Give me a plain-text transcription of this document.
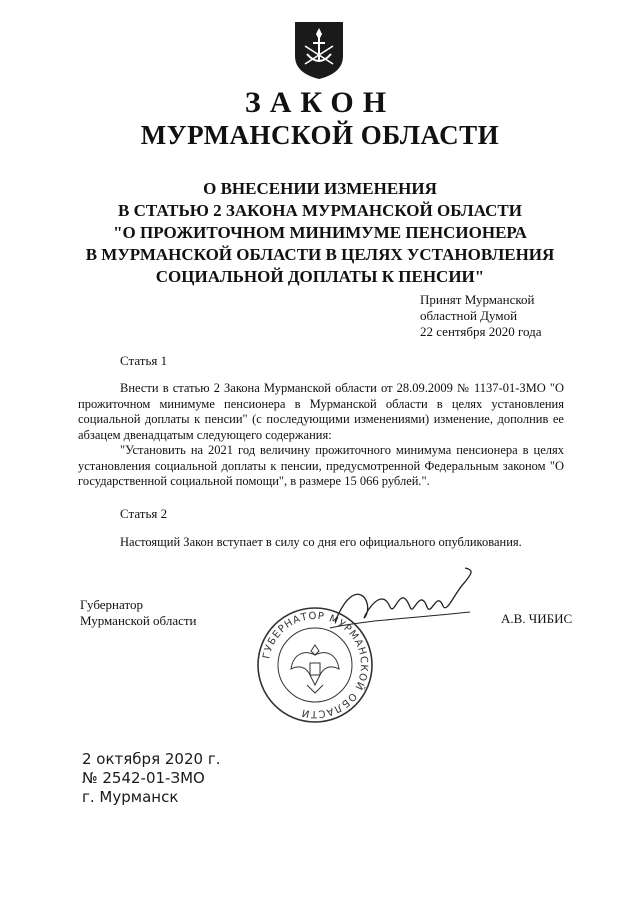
ЗАКОН
МУРМАНСКОЙ ОБЛАСТИ
О ВНЕСЕНИИ ИЗМЕНЕНИЯ
В СТАТЬЮ 2 ЗАКОНА МУРМАНСКОЙ ОБЛАСТИ
"О ПРОЖИТОЧНОМ МИНИМУМЕ ПЕНСИОНЕРА
В МУРМАНСКОЙ ОБЛАСТИ В ЦЕЛЯХ УСТАНОВЛЕНИЯ
СОЦИАЛЬНОЙ ДОПЛАТЫ К ПЕНСИИ"
Принят Мурманской
областной Думой
22 сентября 2020 года
Статья 1
Внести в статью 2 Закона Мурманской области от 28.09.2009 № 1137-01-ЗМО "О прожиточном минимуме пенсионера в Мурманской области в целях установления социальной доплаты к пенсии" (с последующими изменениями) изменение, дополнив ее абзацем двенадцатым следующего содержания:
"Установить на 2021 год величину прожиточного минимума пенсионера в целях установления социальной доплаты к пенсии, предусмотренной Федеральным законом "О государственной социальной помощи", в размере 15 066 рублей.".
Статья 2
Настоящий Закон вступает в силу со дня его официального опубликования.
Губернатор
Мурманской области
ГУБЕРНАТОР МУРМАНСКОЙ ОБЛАСТИ
А.В. ЧИБИС
2 октября 2020 г.
№ 2542-01-ЗМО
г. Мурманск
